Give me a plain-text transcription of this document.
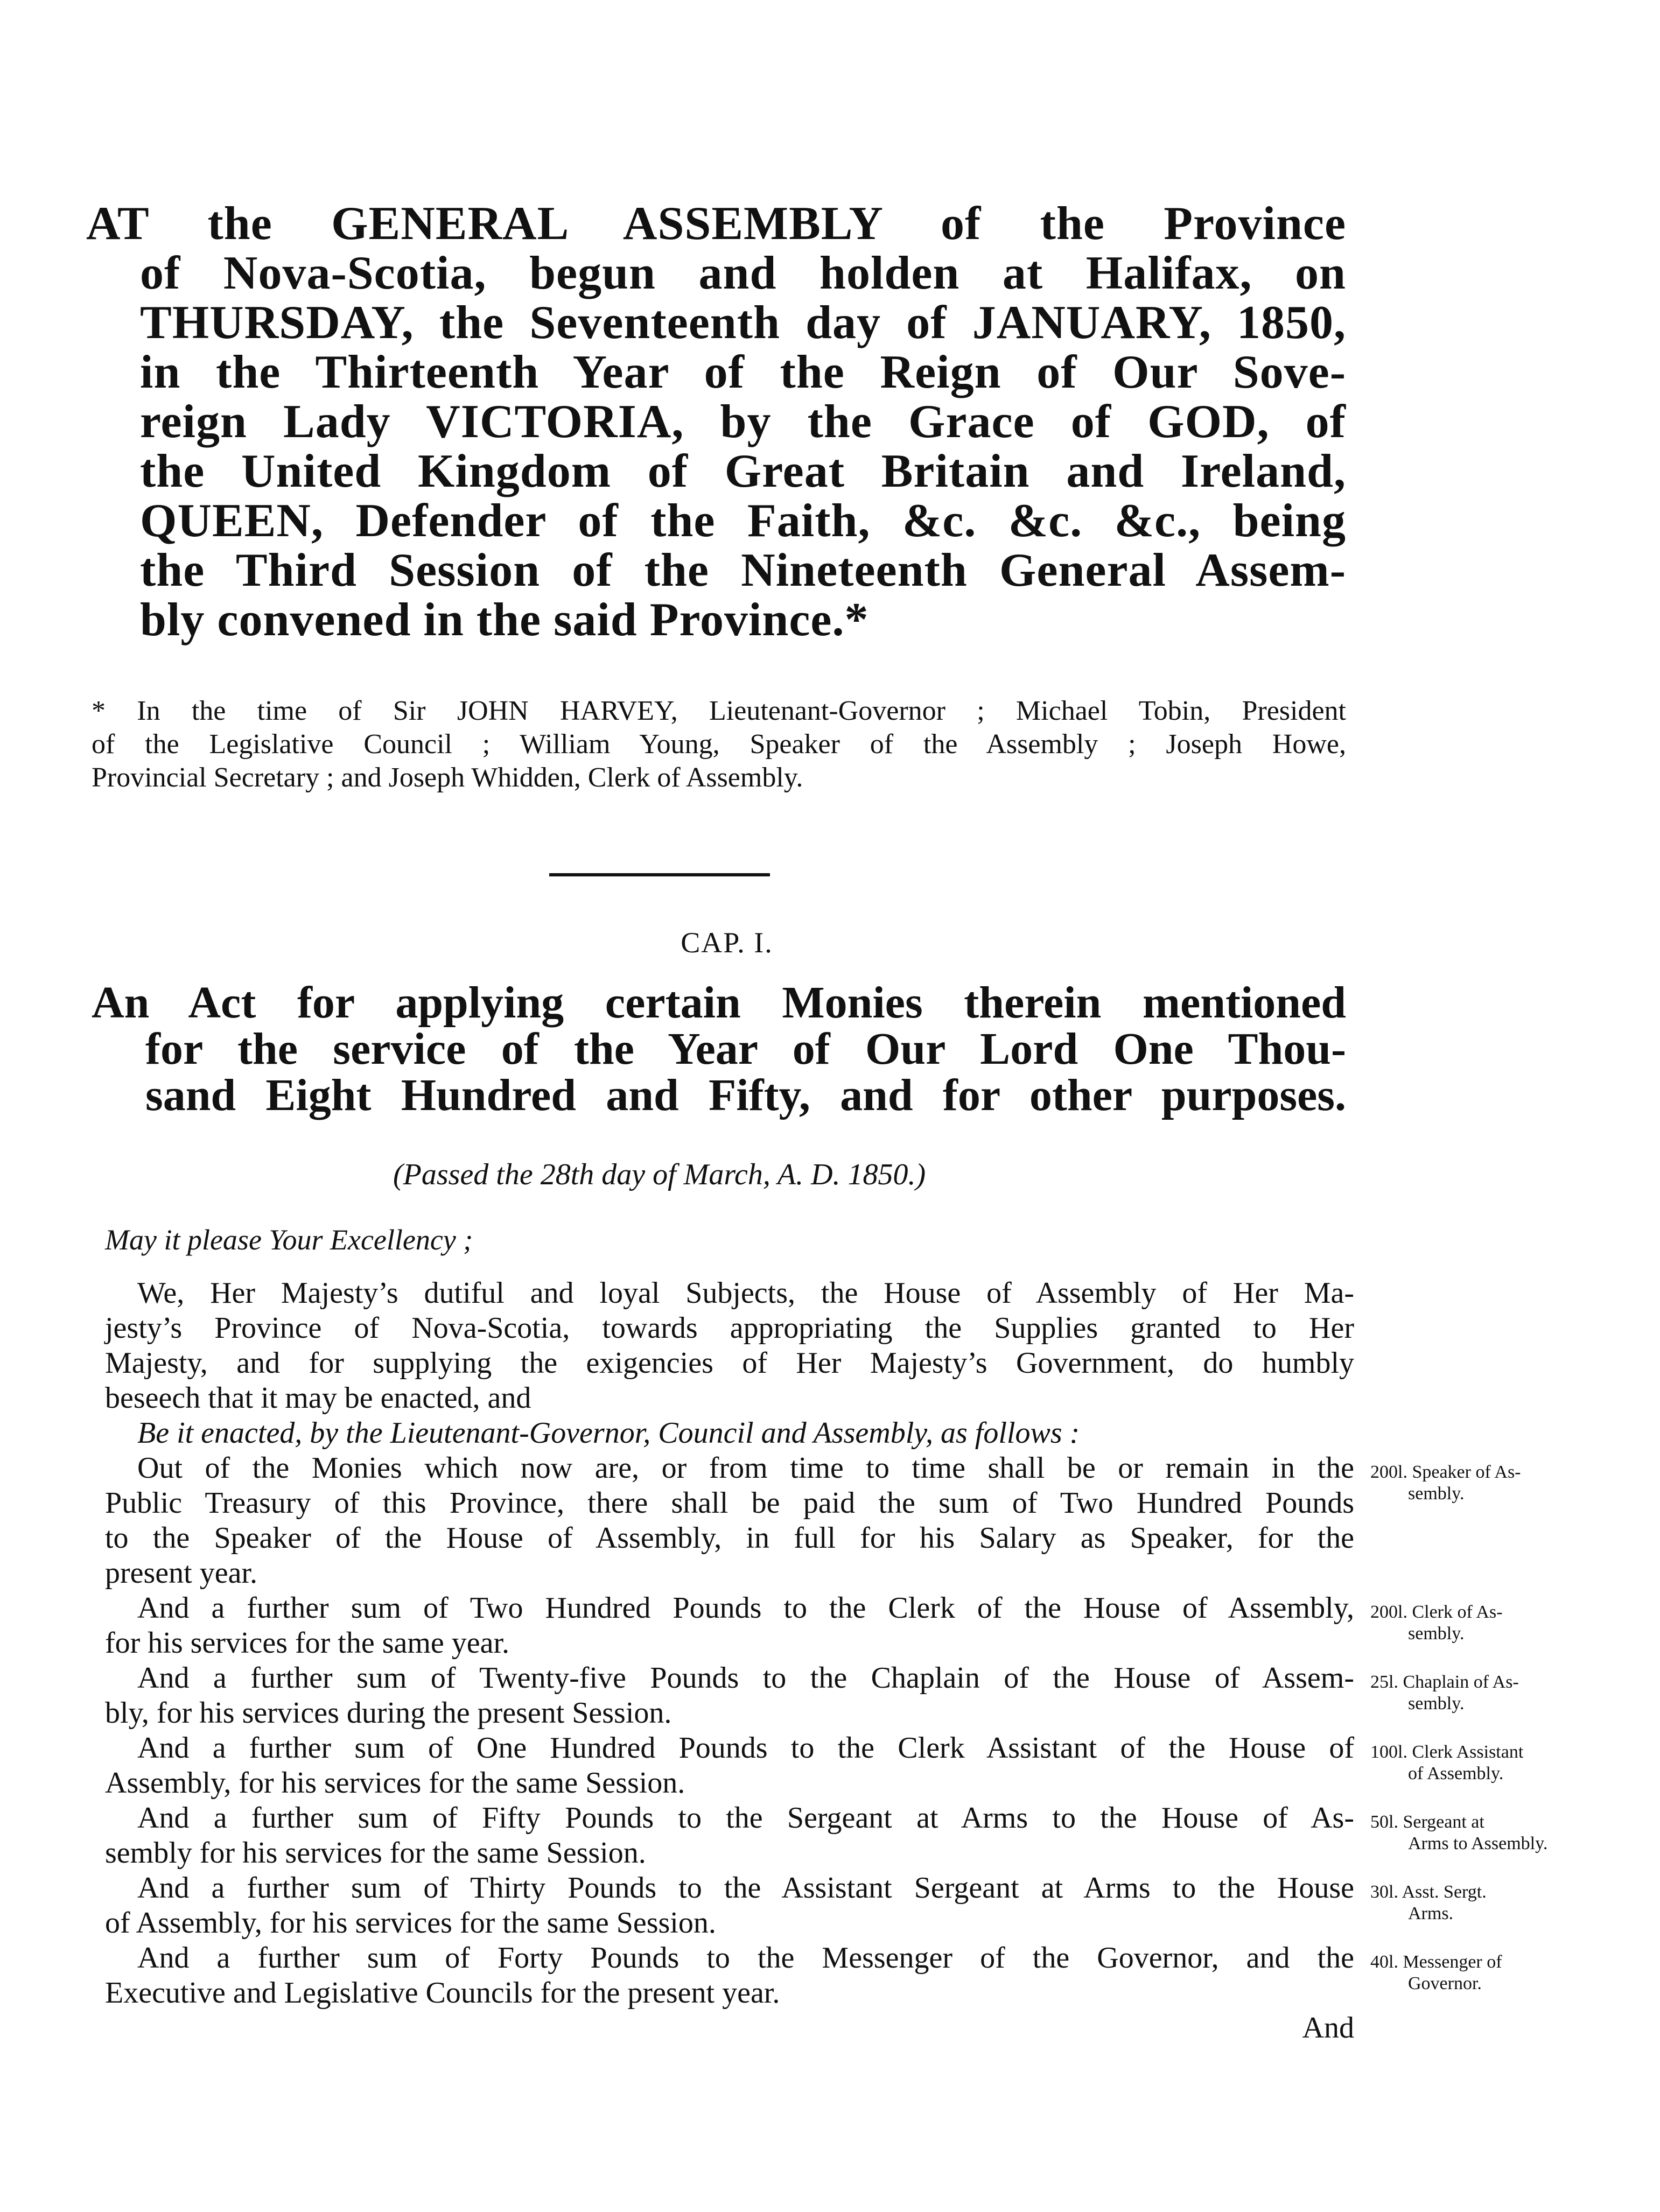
AT the GENERAL ASSEMBLY of the Province
of Nova-Scotia, begun and holden at Halifax, on
THURSDAY, the Seventeenth day of JANUARY, 1850,
in the Thirteenth Year of the Reign of Our Sove-
reign Lady VICTORIA, by the Grace of GOD, of
the United Kingdom of Great Britain and Ireland,
QUEEN, Defender of the Faith, &c. &c. &c., being
the Third Session of the Nineteenth General Assem-
bly convened in the said Province.*
* In the time of Sir JOHN HARVEY, Lieutenant-Governor ; Michael Tobin, President
of the Legislative Council ; William Young, Speaker of the Assembly ; Joseph Howe,
Provincial Secretary ; and Joseph Whidden, Clerk of Assembly.
CAP. I.
An Act for applying certain Monies therein mentioned
for the service of the Year of Our Lord One Thou-
sand Eight Hundred and Fifty, and for other purposes.
(Passed the 28th day of March, A. D. 1850.)
May it please Your Excellency ;
We, Her Majesty’s dutiful and loyal Subjects, the House of Assembly of Her Ma-
jesty’s Province of Nova-Scotia, towards appropriating the Supplies granted to Her
Majesty, and for supplying the exigencies of Her Majesty’s Government, do humbly
beseech that it may be enacted, and
Be it enacted, by the Lieutenant-Governor, Council and Assembly, as follows :
Out of the Monies which now are, or from time to time shall be or remain in the
Public Treasury of this Province, there shall be paid the sum of Two Hundred Pounds
to the Speaker of the House of Assembly, in full for his Salary as Speaker, for the
present year.
And a further sum of Two Hundred Pounds to the Clerk of the House of Assembly,
for his services for the same year.
And a further sum of Twenty-five Pounds to the Chaplain of the House of Assem-
bly, for his services during the present Session.
And a further sum of One Hundred Pounds to the Clerk Assistant of the House of
Assembly, for his services for the same Session.
And a further sum of Fifty Pounds to the Sergeant at Arms to the House of As-
sembly for his services for the same Session.
And a further sum of Thirty Pounds to the Assistant Sergeant at Arms to the House
of Assembly, for his services for the same Session.
And a further sum of Forty Pounds to the Messenger of the Governor, and the
Executive and Legislative Councils for the present year.
And
200l. Speaker of As-
sembly.
200l. Clerk of As-
sembly.
25l. Chaplain of As-
sembly.
100l. Clerk Assistant
of Assembly.
50l. Sergeant at
Arms to Assembly.
30l. Asst. Sergt.
Arms.
40l. Messenger of
Governor.
